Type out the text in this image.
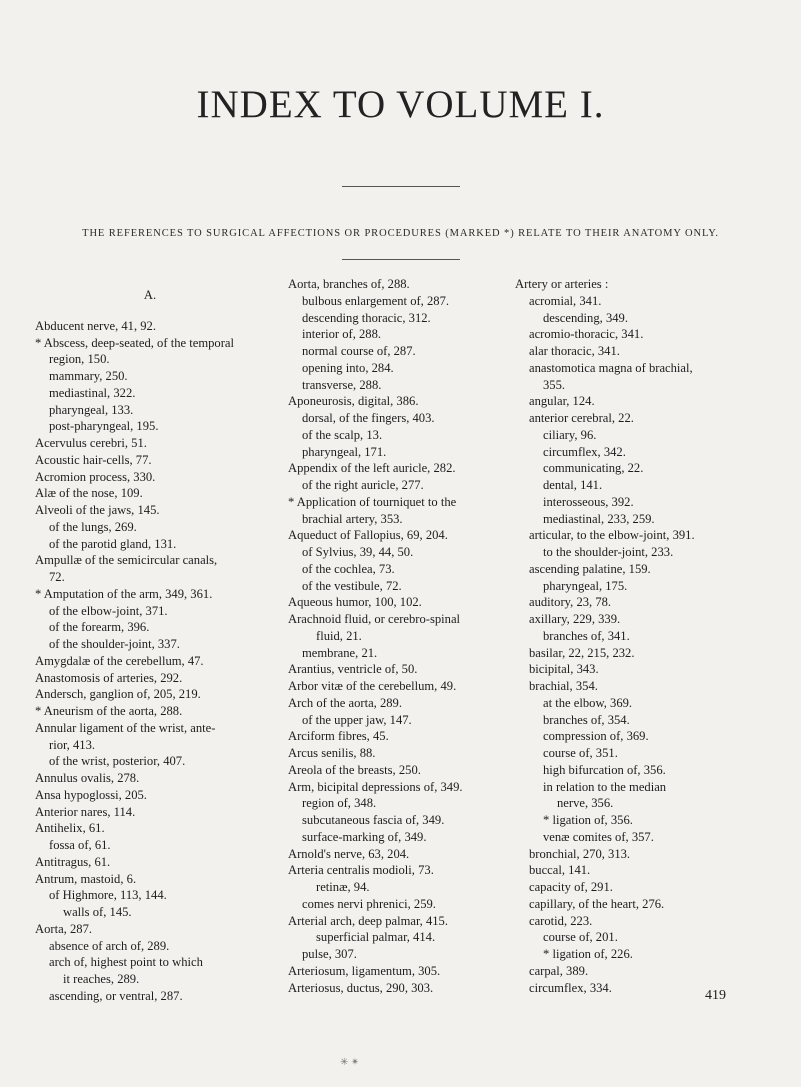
INDEX TO VOLUME I.
THE REFERENCES TO SURGICAL AFFECTIONS OR PROCEDURES (MARKED *) RELATE TO THEIR ANATOMY ONLY.
A.
Abducent nerve, 41, 92.
* Abscess, deep-seated, of the temporal
region, 150.
mammary, 250.
mediastinal, 322.
pharyngeal, 133.
post-pharyngeal, 195.
Acervulus cerebri, 51.
Acoustic hair-cells, 77.
Acromion process, 330.
Alæ of the nose, 109.
Alveoli of the jaws, 145.
of the lungs, 269.
of the parotid gland, 131.
Ampullæ of the semicircular canals,
72.
* Amputation of the arm, 349, 361.
of the elbow-joint, 371.
of the forearm, 396.
of the shoulder-joint, 337.
Amygdalæ of the cerebellum, 47.
Anastomosis of arteries, 292.
Andersch, ganglion of, 205, 219.
* Aneurism of the aorta, 288.
Annular ligament of the wrist, ante-
rior, 413.
of the wrist, posterior, 407.
Annulus ovalis, 278.
Ansa hypoglossi, 205.
Anterior nares, 114.
Antihelix, 61.
fossa of, 61.
Antitragus, 61.
Antrum, mastoid, 6.
of Highmore, 113, 144.
walls of, 145.
Aorta, 287.
absence of arch of, 289.
arch of, highest point to which
it reaches, 289.
ascending, or ventral, 287.
Aorta, branches of, 288.
bulbous enlargement of, 287.
descending thoracic, 312.
interior of, 288.
normal course of, 287.
opening into, 284.
transverse, 288.
Aponeurosis, digital, 386.
dorsal, of the fingers, 403.
of the scalp, 13.
pharyngeal, 171.
Appendix of the left auricle, 282.
of the right auricle, 277.
* Application of tourniquet to the
brachial artery, 353.
Aqueduct of Fallopius, 69, 204.
of Sylvius, 39, 44, 50.
of the cochlea, 73.
of the vestibule, 72.
Aqueous humor, 100, 102.
Arachnoid fluid, or cerebro-spinal
fluid, 21.
membrane, 21.
Arantius, ventricle of, 50.
Arbor vitæ of the cerebellum, 49.
Arch of the aorta, 289.
of the upper jaw, 147.
Arciform fibres, 45.
Arcus senilis, 88.
Areola of the breasts, 250.
Arm, bicipital depressions of, 349.
region of, 348.
subcutaneous fascia of, 349.
surface-marking of, 349.
Arnold's nerve, 63, 204.
Arteria centralis modioli, 73.
retinæ, 94.
comes nervi phrenici, 259.
Arterial arch, deep palmar, 415.
superficial palmar, 414.
pulse, 307.
Arteriosum, ligamentum, 305.
Arteriosus, ductus, 290, 303.
Artery or arteries :
acromial, 341.
descending, 349.
acromio-thoracic, 341.
alar thoracic, 341.
anastomotica magna of brachial,
355.
angular, 124.
anterior cerebral, 22.
ciliary, 96.
circumflex, 342.
communicating, 22.
dental, 141.
interosseous, 392.
mediastinal, 233, 259.
articular, to the elbow-joint, 391.
to the shoulder-joint, 233.
ascending palatine, 159.
pharyngeal, 175.
auditory, 23, 78.
axillary, 229, 339.
branches of, 341.
basilar, 22, 215, 232.
bicipital, 343.
brachial, 354.
at the elbow, 369.
branches of, 354.
compression of, 369.
course of, 351.
high bifurcation of, 356.
in relation to the median
nerve, 356.
* ligation of, 356.
venæ comites of, 357.
bronchial, 270, 313.
buccal, 141.
capacity of, 291.
capillary, of the heart, 276.
carotid, 223.
course of, 201.
* ligation of, 226.
carpal, 389.
circumflex, 334.
419
✳ ✴
